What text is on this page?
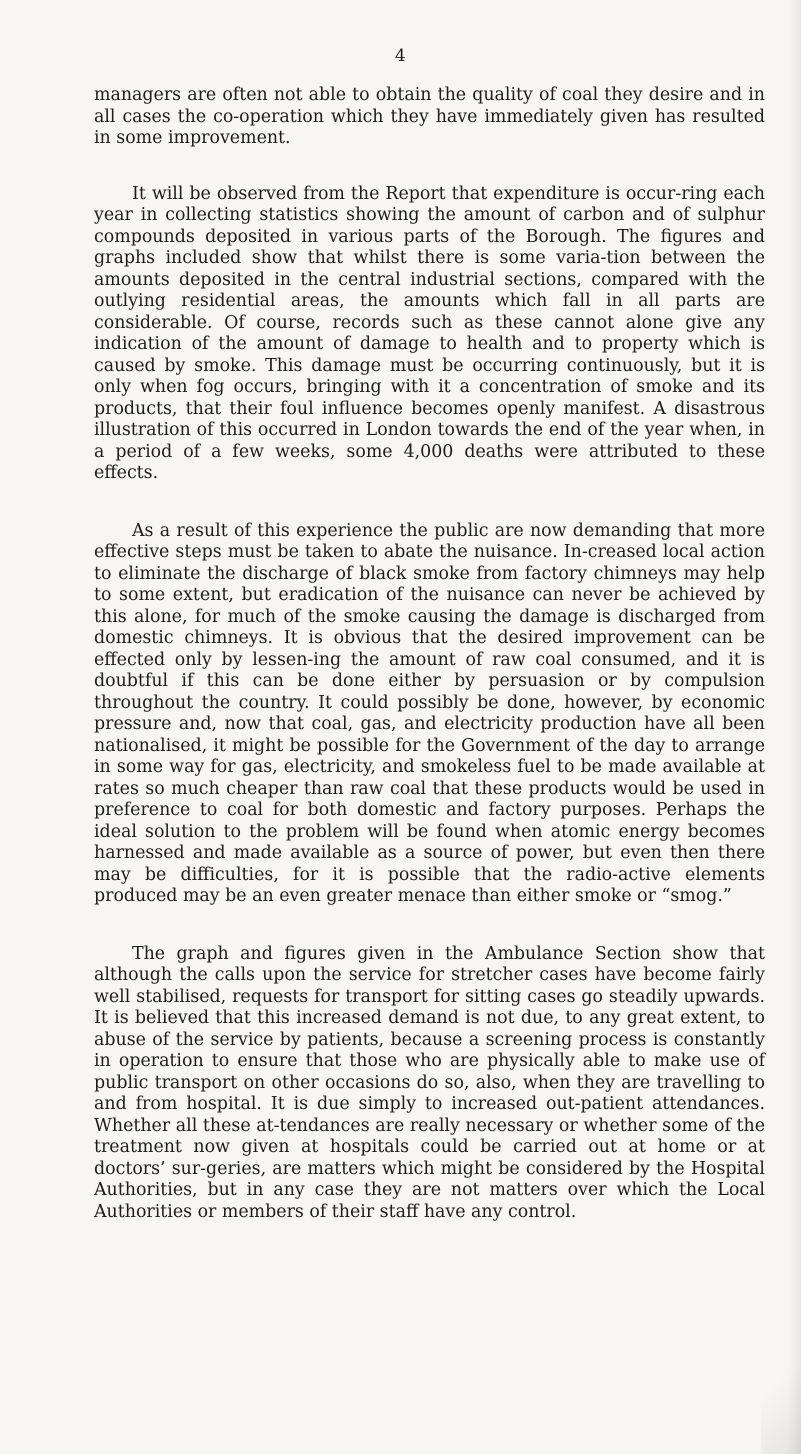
4

managers are often not able to obtain the quality of coal they desire and in all cases the co-operation which they have immediately given has resulted in some improvement.

It will be observed from the Report that expenditure is occur-ring each year in collecting statistics showing the amount of carbon and of sulphur compounds deposited in various parts of the Borough. The figures and graphs included show that whilst there is some varia-tion between the amounts deposited in the central industrial sections, compared with the outlying residential areas, the amounts which fall in all parts are considerable. Of course, records such as these cannot alone give any indication of the amount of damage to health and to property which is caused by smoke. This damage must be occurring continuously, but it is only when fog occurs, bringing with it a concentration of smoke and its products, that their foul influence becomes openly manifest. A disastrous illustration of this occurred in London towards the end of the year when, in a period of a few weeks, some 4,000 deaths were attributed to these effects.

As a result of this experience the public are now demanding that more effective steps must be taken to abate the nuisance. In-creased local action to eliminate the discharge of black smoke from factory chimneys may help to some extent, but eradication of the nuisance can never be achieved by this alone, for much of the smoke causing the damage is discharged from domestic chimneys. It is obvious that the desired improvement can be effected only by lessen-ing the amount of raw coal consumed, and it is doubtful if this can be done either by persuasion or by compulsion throughout the country. It could possibly be done, however, by economic pressure and, now that coal, gas, and electricity production have all been nationalised, it might be possible for the Government of the day to arrange in some way for gas, electricity, and smokeless fuel to be made available at rates so much cheaper than raw coal that these products would be used in preference to coal for both domestic and factory purposes. Perhaps the ideal solution to the problem will be found when atomic energy becomes harnessed and made available as a source of power, but even then there may be difficulties, for it is possible that the radio-active elements produced may be an even greater menace than either smoke or “smog.”

The graph and figures given in the Ambulance Section show that although the calls upon the service for stretcher cases have become fairly well stabilised, requests for transport for sitting cases go steadily upwards. It is believed that this increased demand is not due, to any great extent, to abuse of the service by patients, because a screening process is constantly in operation to ensure that those who are physically able to make use of public transport on other occasions do so, also, when they are travelling to and from hospital. It is due simply to increased out-patient attendances. Whether all these at-tendances are really necessary or whether some of the treatment now given at hospitals could be carried out at home or at doctors’ sur-geries, are matters which might be considered by the Hospital Authorities, but in any case they are not matters over which the Local Authorities or members of their staff have any control.
